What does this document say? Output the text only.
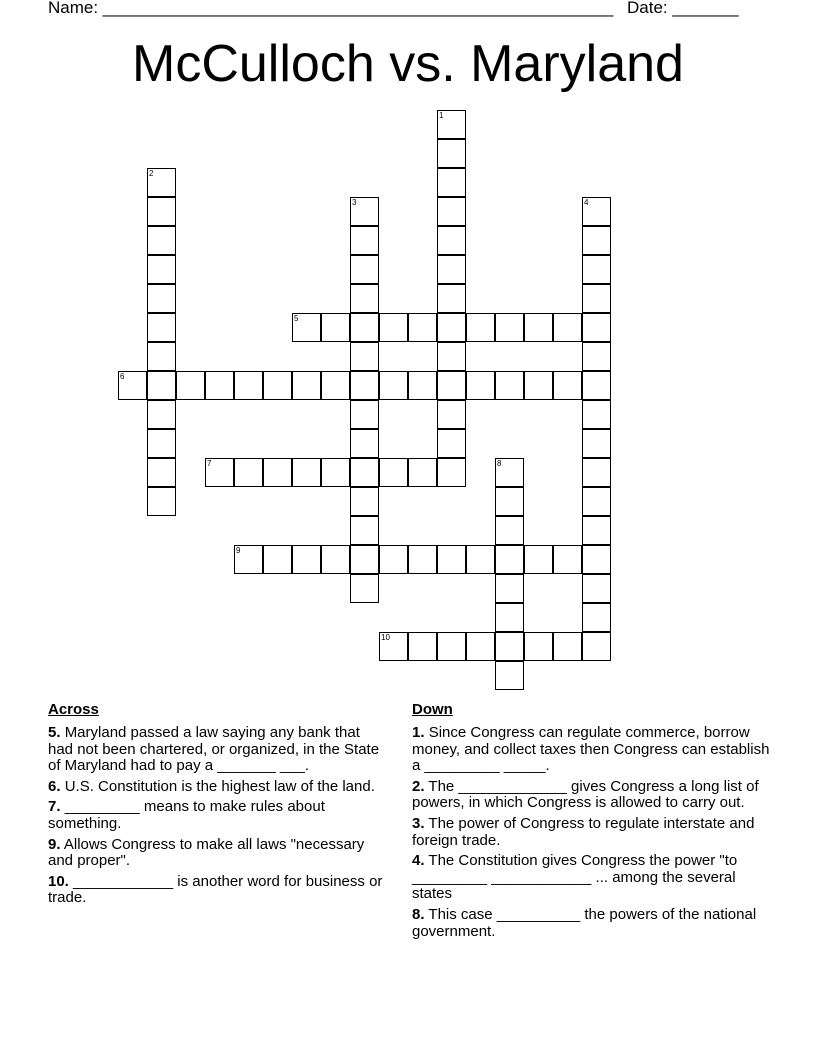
Name: ______________________________________________________ Date: _______
McCulloch vs. Maryland
1
2
3	4
5
6
7	8
9
10
Across
5. Maryland passed a law saying any bank that had not been chartered, or organized, in the State of Maryland had to pay a _______ ___.
6. U.S. Constitution is the highest law of the land.
7. _________ means to make rules about something.
9. Allows Congress to make all laws "necessary and proper".
10. ____________ is another word for business or trade.
Down
1. Since Congress can regulate commerce, borrow money, and collect taxes then Congress can establish a _________ _____.
2. The _____________ gives Congress a long list of powers, in which Congress is allowed to carry out.
3. The power of Congress to regulate interstate and foreign trade.
4. The Constitution gives Congress the power "to _________ ____________ ... among the several states
8. This case __________ the powers of the national government.
